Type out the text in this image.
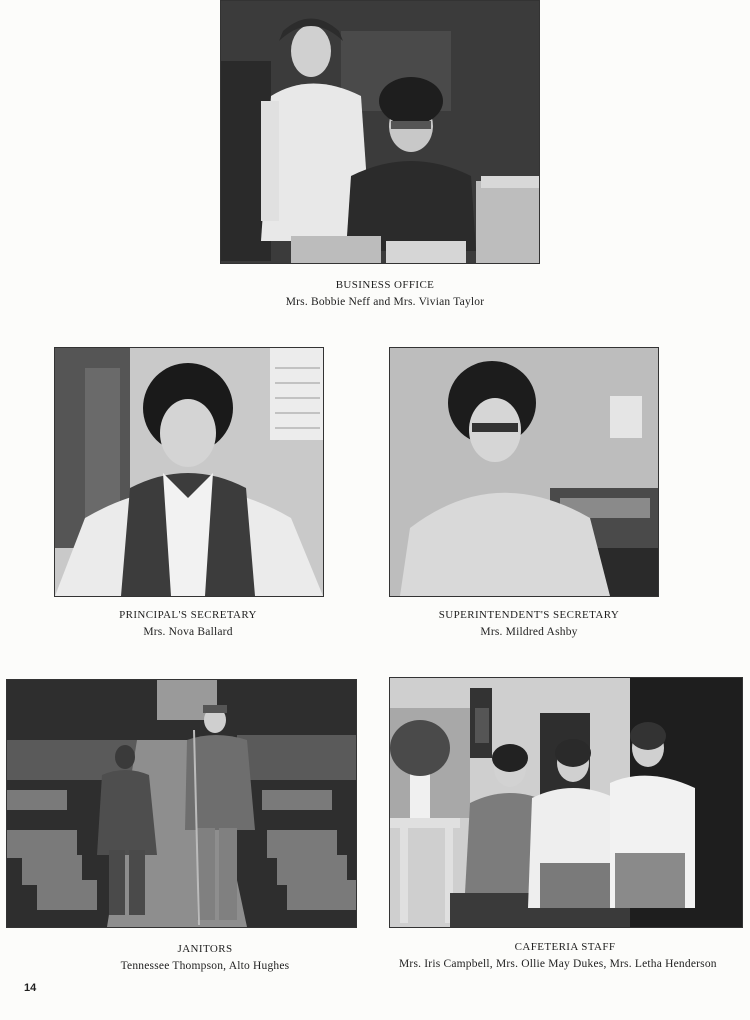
BUSINESS OFFICE
Mrs. Bobbie Neff and Mrs. Vivian Taylor
PRINCIPAL'S SECRETARY
Mrs. Nova Ballard
SUPERINTENDENT'S SECRETARY
Mrs. Mildred Ashby
JANITORS
Tennessee Thompson, Alto Hughes
CAFETERIA STAFF
Mrs. Iris Campbell, Mrs. Ollie May Dukes, Mrs. Letha Henderson
14
